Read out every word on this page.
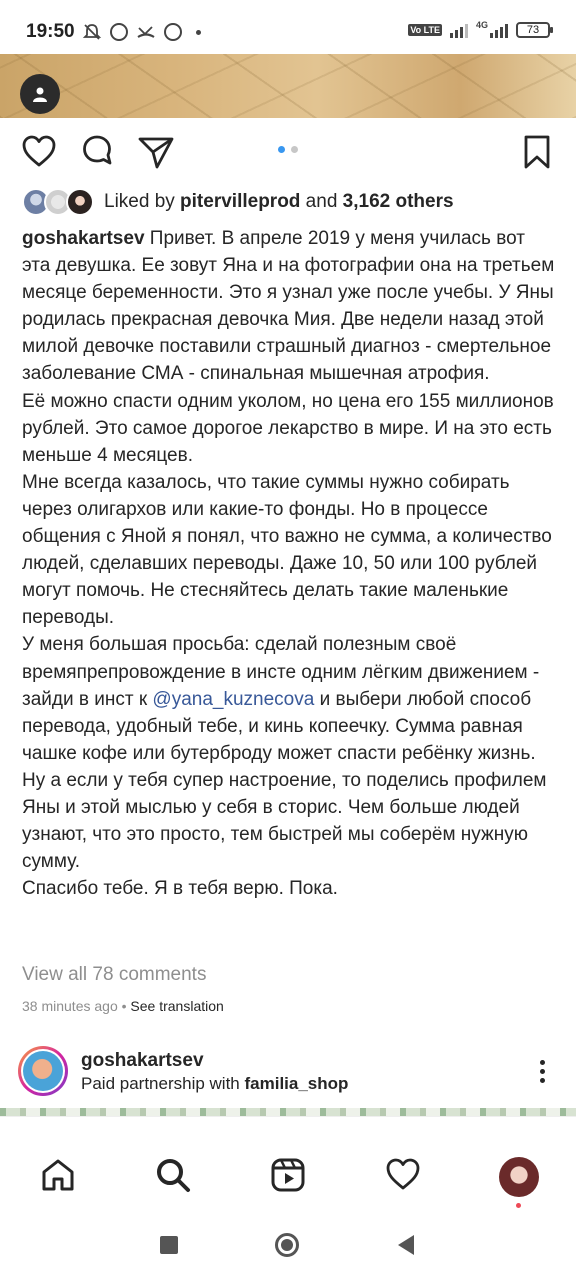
19:50	Vo LTE	4G	73
Liked by pitervilleprod and 3,162 others

goshakartsev Привет. В апреле 2019 у меня училась вот эта девушка. Ее зовут Яна и на фотографии она на третьем месяце беременности. Это я узнал уже после учебы. У Яны родилась прекрасная девочка Мия. Две недели назад этой милой девочке поставили страшный диагноз - смертельное заболевание СМА - спинальная мышечная атрофия.

Её можно спасти одним уколом, но цена его 155 миллионов рублей. Это самое дорогое лекарство в мире. И на это есть меньше 4 месяцев.

Мне всегда казалось, что такие суммы нужно собирать через олигархов или какие-то фонды. Но в процессе общения с Яной я понял, что важно не сумма, а количество людей, сделавших переводы. Даже 10, 50 или 100 рублей могут помочь. Не стесняйтесь делать такие маленькие переводы.

У меня большая просьба: сделай полезным своё времяпрепровождение в инсте одним лёгким движением - зайди в инст к @yana_kuznecova и выбери любой способ перевода, удобный тебе, и кинь копеечку. Сумма равная чашке кофе или бутерброду может спасти ребёнку жизнь.

Ну а если у тебя супер настроение, то поделись профилем Яны и этой мыслью у себя в сторис. Чем больше людей узнают, что это просто, тем быстрей мы соберём нужную сумму.

Спасибо тебе. Я в тебя верю. Пока.

View all 78 comments
38 minutes ago • See translation
goshakartsev
Paid partnership with familia_shop
